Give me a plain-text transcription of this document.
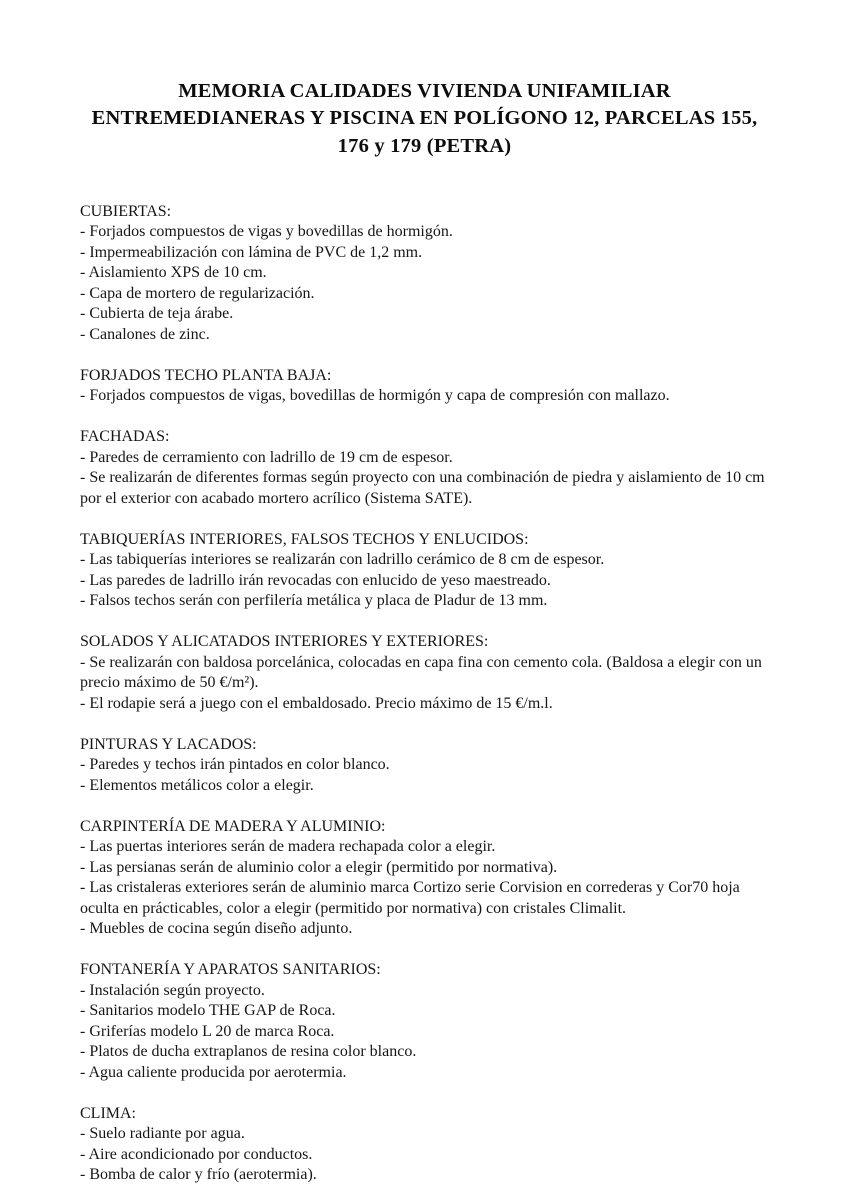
MEMORIA CALIDADES VIVIENDA UNIFAMILIAR ENTREMEDIANERAS Y PISCINA EN POLÍGONO 12, PARCELAS 155, 176 y 179 (PETRA)
CUBIERTAS:

- Forjados compuestos de vigas y bovedillas de hormigón.

- Impermeabilización con lámina de PVC de 1,2 mm.

- Aislamiento XPS de 10 cm.

- Capa de mortero de regularización.

- Cubierta de teja árabe.

- Canalones de zinc.

FORJADOS TECHO PLANTA BAJA:

- Forjados compuestos de vigas, bovedillas de hormigón y capa de compresión con mallazo.

FACHADAS:

- Paredes de cerramiento con ladrillo de 19 cm de espesor.

- Se realizarán de diferentes formas según proyecto con una combinación de piedra y aislamiento de 10 cm por el exterior con acabado mortero acrílico (Sistema SATE).

TABIQUERÍAS INTERIORES, FALSOS TECHOS Y ENLUCIDOS:

- Las tabiquerías interiores se realizarán con ladrillo cerámico de 8 cm de espesor.

- Las paredes de ladrillo irán revocadas con enlucido de yeso maestreado.

- Falsos techos serán con perfilería metálica y placa de Pladur de 13 mm.

SOLADOS Y ALICATADOS INTERIORES Y EXTERIORES:

- Se realizarán con baldosa porcelánica, colocadas en capa fina con cemento cola. (Baldosa a elegir con un precio máximo de 50 €/m²).

- El rodapie será a juego con el embaldosado. Precio máximo de 15 €/m.l.

PINTURAS Y LACADOS:

- Paredes y techos irán pintados en color blanco.

- Elementos metálicos color a elegir.

CARPINTERÍA DE MADERA Y ALUMINIO:

- Las puertas interiores serán de madera rechapada color a elegir.

- Las persianas serán de aluminio color a elegir (permitido por normativa).

- Las cristaleras exteriores serán de aluminio marca Cortizo serie Corvision en correderas y Cor70 hoja oculta en prácticables, color a elegir (permitido por normativa) con cristales Climalit.

- Muebles de cocina según diseño adjunto.

FONTANERÍA Y APARATOS SANITARIOS:

- Instalación según proyecto.

- Sanitarios modelo THE GAP de Roca.

- Griferías modelo L 20 de marca Roca.

- Platos de ducha extraplanos de resina color blanco.

- Agua caliente producida por aerotermia.

CLIMA:

- Suelo radiante por agua.

- Aire acondicionado por conductos.

- Bomba de calor y frío (aerotermia).
